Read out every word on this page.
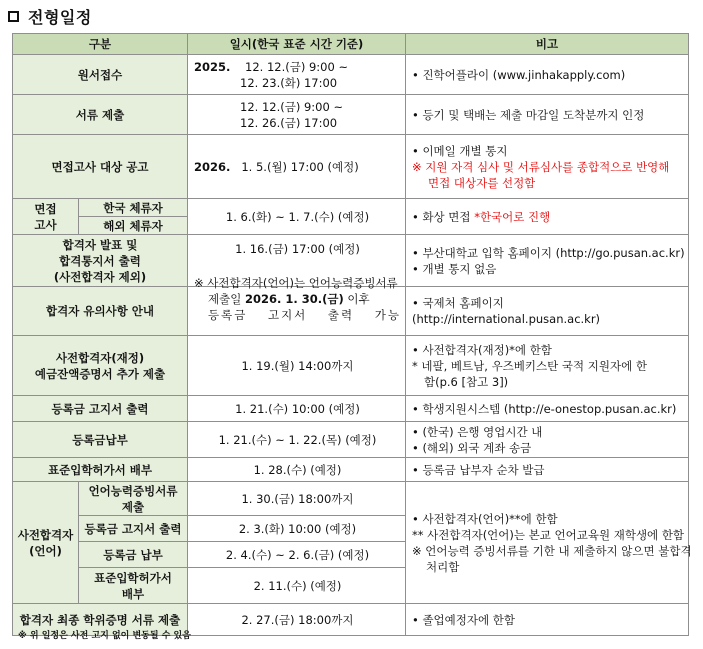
전형일정
구분		일시(한국 표준 시간 기준)	비고
원서접수		2025. 12. 12.(금) 9:00 ~
12. 23.(화) 17:00	• 진학어플라이 (www.jinhakapply.com)
서류 제출		12. 12.(금) 9:00 ~
12. 26.(금) 17:00	• 등기 및 택배는 제출 마감일 도착분까지 인정
면접고사 대상 공고		2026. 1. 5.(월) 17:00 (예정)	• 이메일 개별 통지
※ 지원 자격 심사 및 서류심사를 종합적으로 반영해
면접 대상자를 선정함

면접
고사	한국 체류자	1. 6.(화) ~ 1. 7.(수) (예정)	• 화상 면접 *한국어로 진행
	해외 체류자		

합격자 발표 및
합격통지서 출력
(사전합격자 제외)		1. 16.(금) 17:00 (예정)	• 부산대학교 입학 홈페이지 (http://go.pusan.ac.kr)
• 개별 통지 없음

합격자 유의사항 안내		※ 사전합격자(언어)는 언어능력증빙서류
제출일 2026. 1. 30.(금) 이후
등록금 고지서 출력 가능	• 국제처 홈페이지 (http://international.pusan.ac.kr)

사전합격자(재정)
예금잔액증명서 추가 제출		1. 19.(월) 14:00까지	• 사전합격자(재정)*에 한함
* 네팔, 베트남, 우즈베키스탄 국적 지원자에 한
함(p.6 [참고 3])

등록금 고지서 출력		1. 21.(수) 10:00 (예정)	• 학생지원시스템 (http://e-onestop.pusan.ac.kr)
등록금납부		1. 21.(수) ~ 1. 22.(목) (예정)	• (한국) 은행 영업시간 내
• (해외) 외국 계좌 송금

표준입학허가서 배부		1. 28.(수) (예정)	• 등록금 납부자 순차 발급

사전합격자
(언어)	언어능력증빙서류
제출	1. 30.(금) 18:00까지	• 사전합격자(언어)**에 한함
** 사전합격자(언어)는 본교 언어교육원 재학생에 한함
※ 언어능력 증빙서류를 기한 내 제출하지 않으면 불합격
처리함

	등록금 고지서 출력	2. 3.(화) 10:00 (예정)	
	등록금 납부	2. 4.(수) ~ 2. 6.(금) (예정)	

	표준입학허가서
배부	2. 11.(수) (예정)	
합격자 최종 학위증명 서류 제출		2. 27.(금) 18:00까지	• 졸업예정자에 한함
※ 위 일정은 사전 고지 없이 변동될 수 있음
